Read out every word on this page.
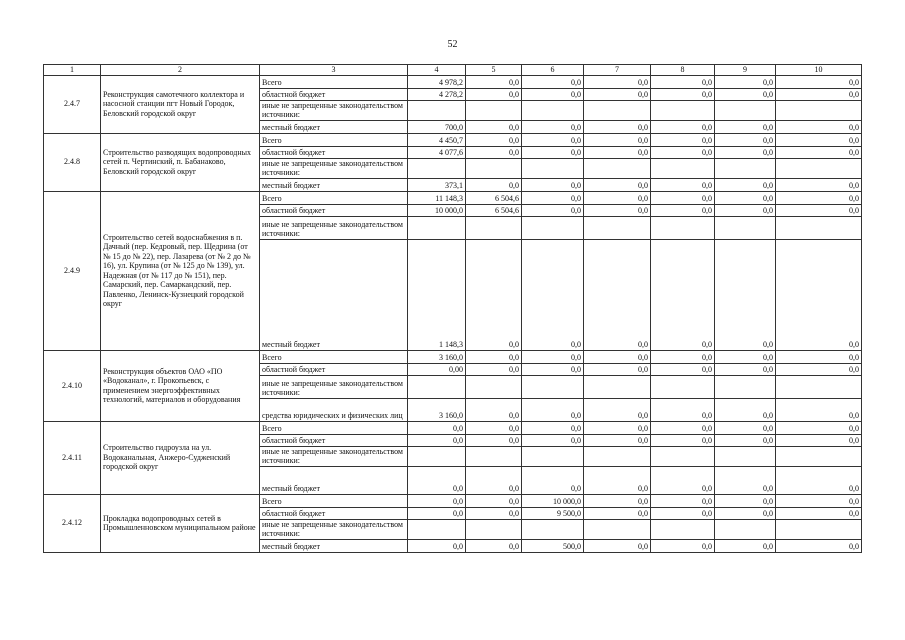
52
1	2	3	4	5	6	7	8	9	10
2.4.7	Реконструкция самотечного коллектора и насосной станции пгт Новый Городок, Беловский городской округ	Всего	4 978,2	0,0	0,0	0,0	0,0	0,0	0,0
		областной бюджет	4 278,2	0,0	0,0	0,0	0,0	0,0	0,0
		иные не запрещенные законодательством источники:							
		местный бюджет	700,0	0,0	0,0	0,0	0,0	0,0	0,0
2.4.8	Строительство разводящих водопроводных сетей п. Чертинский, п. Бабанаково, Беловский городской округ	Всего	4 450,7	0,0	0,0	0,0	0,0	0,0	0,0
		областной бюджет	4 077,6	0,0	0,0	0,0	0,0	0,0	0,0
		иные не запрещенные законодательством источники:							
		местный бюджет	373,1	0,0	0,0	0,0	0,0	0,0	0,0
2.4.9	Строительство сетей водоснабжения в п. Дачный (пер. Кедровый, пер. Щедрина (от № 15 до № 22), пер. Лазарева (от № 2 до № 16), ул. Крупина (от № 125 до № 139), ул. Надежная (от № 117 до № 151), пер. Самарский, пер. Самаркандский, пер. Павленко, Ленинск-Кузнецкий городской округ	Всего	11 148,3	6 504,6	0,0	0,0	0,0	0,0	0,0
		областной бюджет	10 000,0	6 504,6	0,0	0,0	0,0	0,0	0,0
		иные не запрещенные законодательством источники:							
		местный бюджет	1 148,3	0,0	0,0	0,0	0,0	0,0	0,0
2.4.10	Реконструкция объектов ОАО «ПО «Водоканал», г. Прокопьевск, с применением энергоэффективных технологий, материалов и оборудования	Всего	3 160,0	0,0	0,0	0,0	0,0	0,0	0,0
		областной бюджет	0,00	0,0	0,0	0,0	0,0	0,0	0,0
		иные не запрещенные законодательством источники:							
		средства юридических и физических лиц	3 160,0	0,0	0,0	0,0	0,0	0,0	0,0
2.4.11	Строительство гидроузла на ул. Водоканальная, Анжеро-Судженский городской округ	Всего	0,0	0,0	0,0	0,0	0,0	0,0	0,0
		областной бюджет	0,0	0,0	0,0	0,0	0,0	0,0	0,0
		иные не запрещенные законодательством источники:							
		местный бюджет	0,0	0,0	0,0	0,0	0,0	0,0	0,0
2.4.12	Прокладка водопроводных сетей в Промышленновском муниципальном районе	Всего	0,0	0,0	10 000,0	0,0	0,0	0,0	0,0
		областной бюджет	0,0	0,0	9 500,0	0,0	0,0	0,0	0,0
		иные не запрещенные законодательством источники:							
		местный бюджет	0,0	0,0	500,0	0,0	0,0	0,0	0,0
